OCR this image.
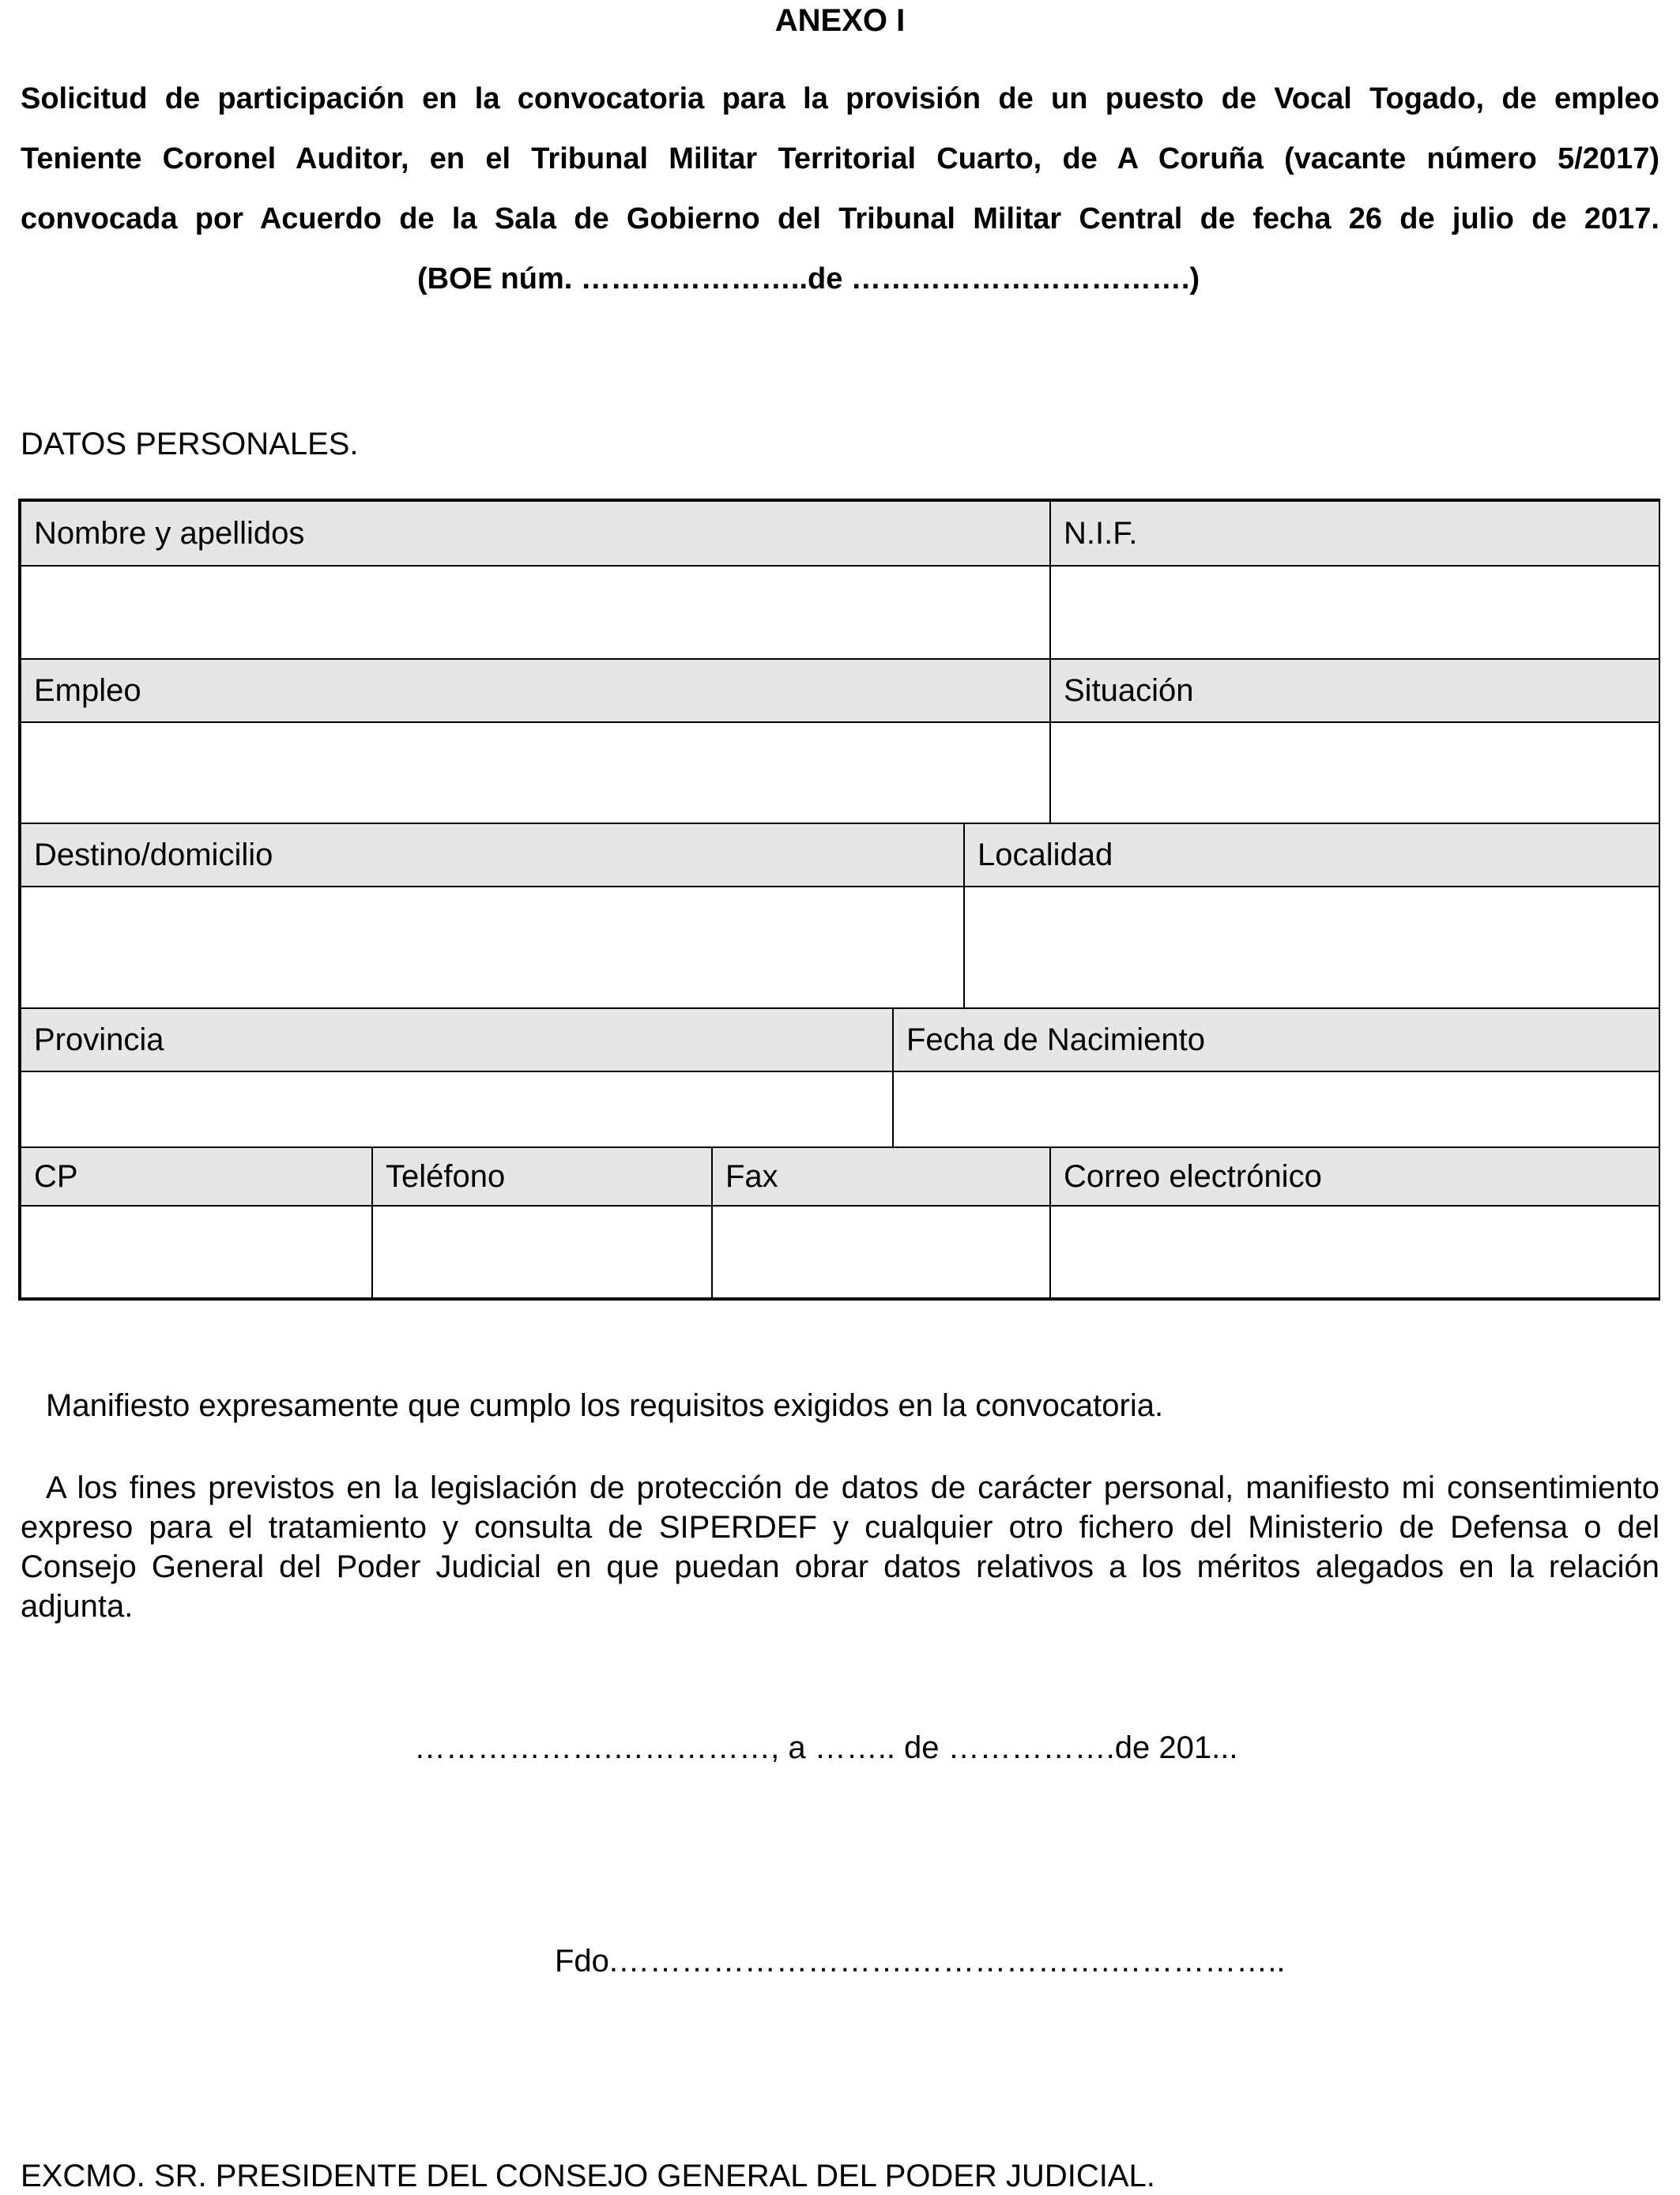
ANEXO I
Solicitud de participación en la convocatoria para la provisión de un puesto de Vocal Togado, de empleo
Teniente Coronel Auditor, en el Tribunal Militar Territorial Cuarto, de A Coruña (vacante número 5/2017)
convocada por Acuerdo de la Sala de Gobierno del Tribunal Militar Central de fecha 26 de julio de 2017.
(BOE núm. …………………..de …………………………….)
DATOS PERSONALES.
Nombre y apellidos	N.I.F.
Empleo	Situación
Destino/domicilio	Localidad
Provincia	Fecha de Nacimiento
CP	Teléfono	Fax	Correo electrónico
Manifiesto expresamente que cumplo los requisitos exigidos en la convocatoria.
A los fines previstos en la legislación de protección de datos de carácter personal, manifiesto mi consentimiento expreso para el tratamiento y consulta de SIPERDEF y cualquier otro fichero del Ministerio de Defensa o del Consejo General del Poder Judicial en que puedan obrar datos relativos a los méritos alegados en la relación adjunta.
……………….……………, a …….. de …………….de 201...
Fdo.……………………….……………….……………..
EXCMO. SR. PRESIDENTE DEL CONSEJO GENERAL DEL PODER JUDICIAL.
